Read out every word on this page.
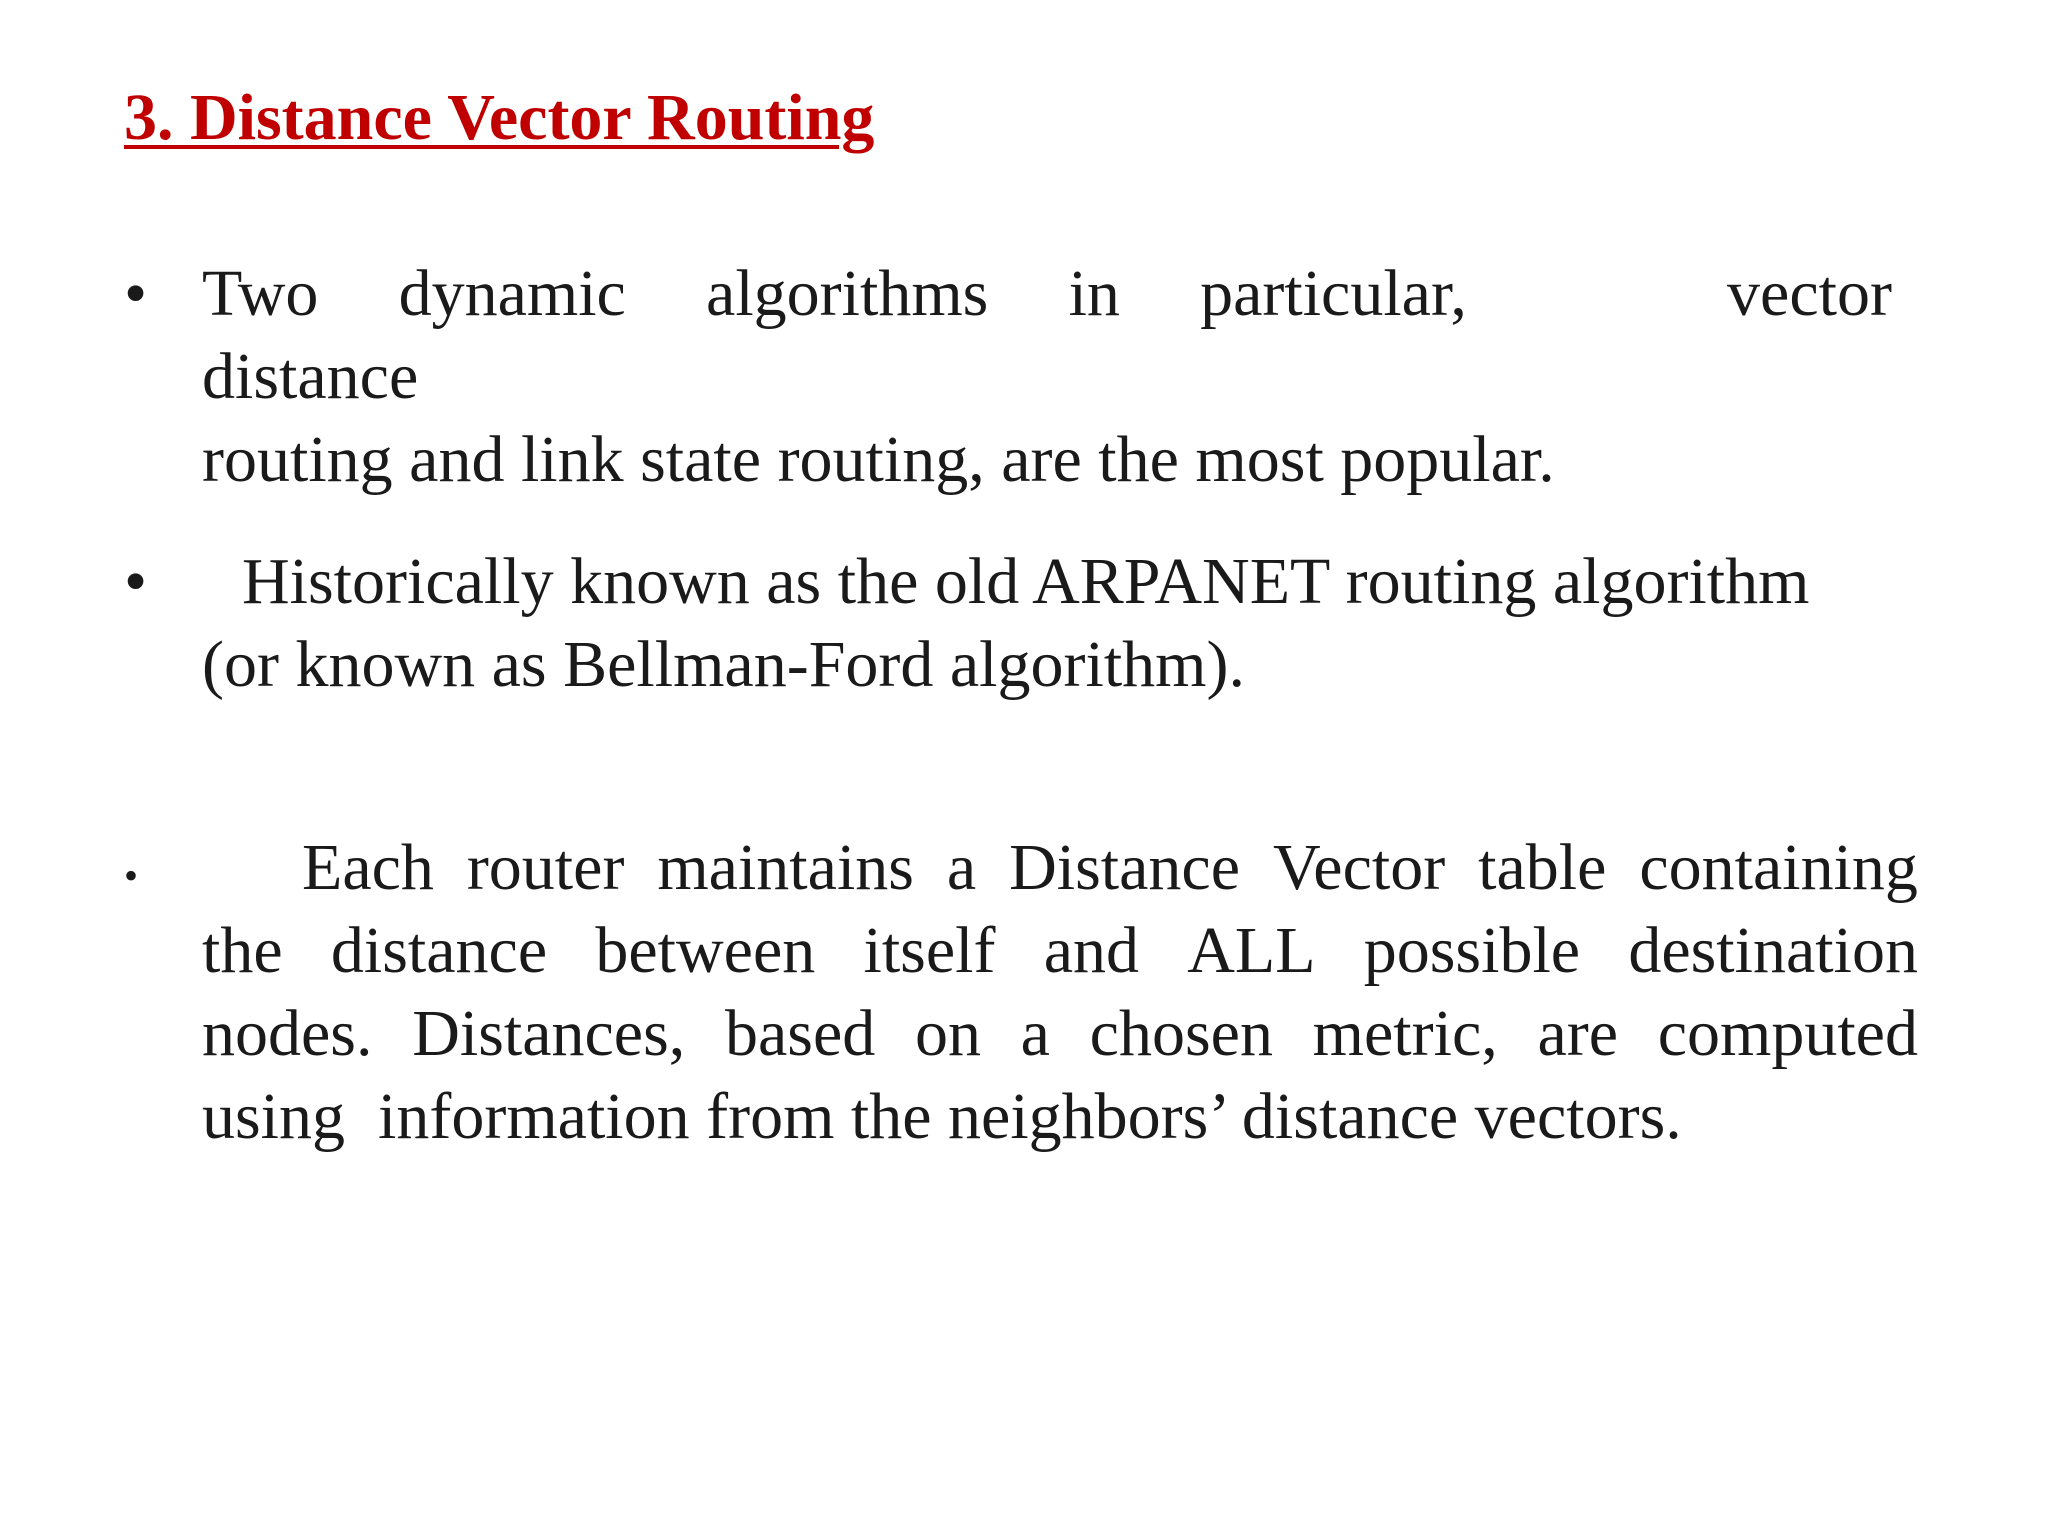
3. Distance Vector Routing
• Two dynamic algorithms in particular,	vector
distance
routing and link state routing, are the most popular.
•	Historically known as the old ARPANET routing algorithm
(or known as Bellman-Ford algorithm).
•	Each router maintains a Distance Vector table containing
the distance between itself and ALL possible destination
nodes. Distances, based on a chosen metric, are computed
using  information from the neighbors’ distance vectors.
